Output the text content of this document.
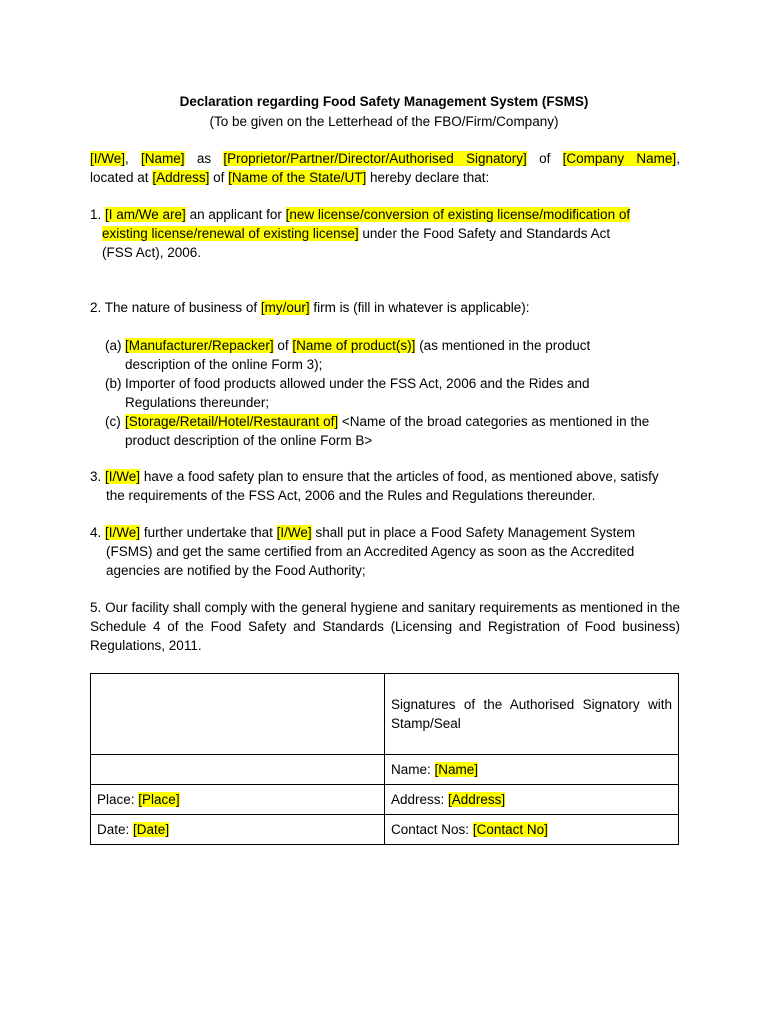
Declaration regarding Food Safety Management System (FSMS)
(To be given on the Letterhead of the FBO/Firm/Company)
[I/We], [Name] as [Proprietor/Partner/Director/Authorised Signatory] of [Company Name],
located at [Address] of [Name of the State/UT] hereby declare that:
1. [I am/We are] an applicant for [new license/conversion of existing license/modification of
existing license/renewal of existing license] under the Food Safety and Standards Act
(FSS Act), 2006.
2. The nature of business of [my/our] firm is (fill in whatever is applicable):
(a) [Manufacturer/Repacker] of [Name of product(s)] (as mentioned in the product
description of the online Form 3);
(b) Importer of food products allowed under the FSS Act, 2006 and the Rides and
Regulations thereunder;
(c) [Storage/Retail/Hotel/Restaurant of] <Name of the broad categories as mentioned in the
product description of the online Form B>
3. [I/We] have a food safety plan to ensure that the articles of food, as mentioned above, satisfy
the requirements of the FSS Act, 2006 and the Rules and Regulations thereunder.
4. [I/We] further undertake that [I/We] shall put in place a Food Safety Management System
(FSMS) and get the same certified from an Accredited Agency as soon as the Accredited
agencies are notified by the Food Authority;
5. Our facility shall comply with the general hygiene and sanitary requirements as mentioned in the Schedule 4 of the Food Safety and Standards (Licensing and Registration of Food business) Regulations, 2011.
	Signatures of the Authorised Signatory with Stamp/Seal
	Name: [Name]
Place: [Place]	Address: [Address]
Date: [Date]	Contact Nos: [Contact No]
